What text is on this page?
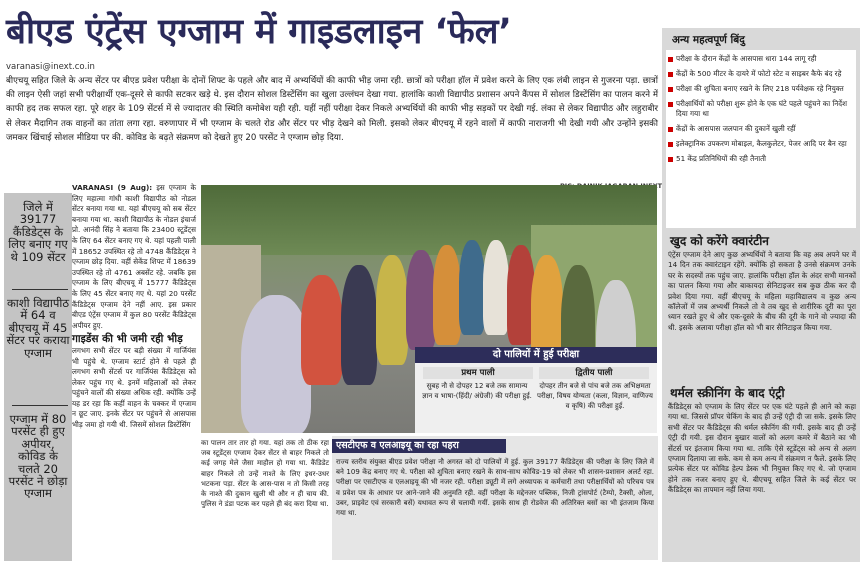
बीएड एंट्रेंस एग्जाम में गाइडलाइन ‘फेल’
varanasi@inext.co.in
बीएचयू सहित जिले के अन्य सेंटर पर बीएड प्रवेश परीक्षा के दोनों शिफ्ट के पहले और बाद में अभ्यर्थियों की काफी भीड़ जमा रही. छात्रों को परीक्षा हॉल में प्रवेश करने के लिए एक लंबी लाइन से गुजरना पड़ा. छात्रों की लाइन ऐसी जहां सभी परीक्षार्थी एक-दूसरे से काफी सटकर खड़े थे. इस दौरान सोशल डिस्टेंसिंग का खुला उल्लंघन देखा गया. हालांकि काशी विद्यापीठ प्रशासन अपने कैंपस में सोशल डिस्टेंसिंग का पालन करने में काफी हद तक सफल रहा. पूरे शहर के 109 सेंटर्स में से ज्यादातर की स्थिति कमोबेश यही रही. यहीं नहीं परीक्षा देकर निकले अभ्यर्थियों की काफी भीड़ सड़कों पर देखी गई. लंका से लेकर विद्यापीठ और लहुराबीर से लेकर मैदागिन तक वाहनों का तांता लगा रहा. वरुणापार में भी एग्जाम के चलते रोड और सेंटर पर भीड़ देखने को मिली. इसको लेकर बीएचयू में रहने वालों में काफी नाराजगी भी देखी गयी और उन्होंने इसकी जमकर खिंचाई सोशल मीडिया पर की. कोविड के बढ़ते संक्रमण को देखते हुए 20 परसेंट ने एग्जाम छोड़ दिया.
जिले में 39177 कैंडिडेट्स के लिए बनाए गए थे 109 सेंटर
काशी विद्यापीठ में 64 व बीएचयू में 45 सेंटर पर कराया एग्जाम
एग्जाम में 80 परसेंट ही हुए अपीयर, कोविड के चलते 20 परसेंट ने छोड़ा एग्जाम
VARANASI (9 Aug): इस एग्जाम के लिए महात्मा गांधी काशी विद्यापीठ को नोडल सेंटर बनाया गया था. यहां बीएचयू को सब सेंटर बनाया गया था. काशी विद्यापीठ के नोडल इंचार्ज प्रो. आनंदी सिंह ने बताया कि 23400 स्टूडेंट्स के लिए 64 सेंटर बनाए गए थे. यहां पहली पाली में 18652 उपस्थित रहे तो 4748 कैंडिडेट्स ने एग्जाम छोड़ दिया. वहीं सेकेंड शिफ्ट में 18639 उपस्थित रहे तो 4761 अबसेंट रहे. जबकि इस एग्जाम के लिए बीएचयू में 15777 कैंडिडेट्स के लिए 45 सेंटर बनाए गए थे. यहां 20 परसेंट कैंडिडेट्स एग्जाम देने नहीं आए. इस प्रकार बीएड एंट्रेंस एग्जाम में कुल 80 परसेंट कैंडिडेट्स अपीयर हुए.
गाइडेंस की भी जमी रही भीड़
लगभग सभी सेंटर पर बड़ी संख्या में गार्जियंस भी पहुंचे थे. एग्जाम स्टार्ट होने से पहले ही लगभग सभी सेंटर्स पर गार्जियंस कैंडिडेट्स को लेकर पहुंच गए थे. इनमें महिलाओं को लेकर पहुंचने वालों की संख्या अधिक रही. क्योंकि उन्हें यह डर रहा कि कहीं वाहन के चक्कर में एग्जाम न छूट जाए. इनके सेंटर पर पहुंचने से आसपास भीड़ जमा हो गयी थी. जिसमें सोशल डिस्टेंसिंग
का पालन तार तार हो गया. यहां तक तो ठीक रहा जब स्टूडेंट्स एग्जाम देकर सेंटर से बाहर निकले तो कई जगह मेले जैसा माहौल हो गया था. कैंडिडेट बाहर निकले तो उन्हें नाश्ते के लिए इधर-उधर भटकना पड़ा. सेंटर के आस-पास न तो किसी तरह के नाश्ते की दुकान खुली थी और न ही चाय की. पुलिस ने डंडा पटक कर पहले ही बंद करा दिया था.
दो पालियों में हुई परीक्षा
प्रथम पाली
सुबह नौ से दोपहर 12 बजे तक सामान्य ज्ञान व भाषा-(हिंदी/ अंग्रेजी) की परीक्षा हुई.
द्वितीय पाली
दोपहर तीन बजे से पांच बजे तक अभिक्षमता परीक्षा, विषय योग्यता (कला, विज्ञान, वाणिज्य व कृषि) की परीक्षा हुई.
एसटीएफ व एलआइयू का रहा पहरा
राज्य स्तरीय संयुक्त बीएड प्रवेश परीक्षा नौ अगस्त को दो पालियों में हुई. कुल 39177 कैंडिडेट्स की परीक्षा के लिए जिले में बने 109 केंद्र बनाए गए थे. परीक्षा को शुचिता बनाए रखने के साथ-साथ कोविड-19 को लेकर भी शासन-प्रशासन अलर्ट रहा. परीक्षा पर एसटीएफ व एलआइयू की भी नजर रही. परीक्षा ड्यूटी में लगे अध्यापक व कर्मचारी तथा परीक्षार्थियों को परिचय पत्र व प्रवेश पत्र के आधार पर आने-जाने की अनुमति रही. वहीं परीक्षा के मद्देनजर पब्लिक, निजी ट्रांसपोर्ट (टैम्पो, टैक्सी, ओला, उबर, प्राइवेट एवं सरकारी बसें) यथावत रूप से चलायी गयीं. इसके साथ ही रोडवेज की अतिरिक्त बसों का भी इंतजाम किया गया था.
अन्य महत्वपूर्ण बिंदु
परीक्षा के दौरान केंद्रों के आसपास धारा 144 लागू रही
केंद्रों के 500 मीटर के दायरे में फोटो स्टेट व साइबर कैफे बंद रहे
परीक्षा की शुचिता बनाए रखने के लिए 218 पर्यवेक्षक रहे नियुक्त
परीक्षार्थियों को परीक्षा शुरू होने के एक घंटे पहले पहुंचने का निर्देश दिया गया था
केंद्रों के आसपास जलपान की दुकानें खुली रहीं
इलेक्ट्रानिक उपकरण मोबाइल, कैलकुलेटर, पेजर आदि पर बैन रहा
51 केंद्र प्रतिनिधियों की रही तैनाती
खुद को करेंगे क्वारंटीन
एंट्रेंस एग्जाम देने आए कुछ अभ्यर्थियों ने बताया कि वह अब अपने घर में 14 दिन तक क्वारंटाइन रहेंगे. क्योंकि हो सकता है उनसे संक्रमण उनके घर के सदस्यों तक पहुंच जाए. हालांकि परीक्षा हॉल के अंदर सभी मानकों का पालन किया गया और बाकायदा सेनिटाइजर सब कुछ ठीक कर दी प्रवेश दिया गया. वहीं बीएचयू के महिला महाविद्यालय व कुछ अन्य कॉलेजों में जब अभ्यर्थी निकले तो वे तब खुद से शारीरिक दूरी का पूरा ध्यान रखते हुए थे और एक-दूसरे के बीच की दूरी के गाने वो ज्यादा की थी. इसके अलावा परीक्षा हॉल को भी बार सैनिटाइज किया गया.
थर्मल स्क्रीनिंग के बाद एंट्री
कैंडिडेट्स को एग्जाम के लिए सेंटर पर एक घंटे पहले ही आने को कहा गया था. जिससे प्रॉपर चेकिंग के बाद ही उन्हें एंट्री दी जा सके. इसके लिए सभी सेंटर पर कैंडिडेट्स की थर्मल स्कैनिंग की गयी. इसके बाद ही उन्हें एंट्री दी गयी. इस दौरान बुखार वालों को अलग कमरे में बैठाने का भी सेंटर्स पर इंतजाम किया गया था. ताकि ऐसे स्टूडेंट्स को अन्य से अलग एग्जाम दिलाया जा सके. कम से कम अन्य में संक्रमण न फैले. इसके लिए प्रत्येक सेंटर पर कोविड हेल्प डेस्क भी नियुक्त किए गए थे. जो एग्जाम होने तक नजर बनाए हुए थे. बीएचयू सहित जिले के कई सेंटर पर कैंडिडेट्स का तापमान नहीं लिया गया.
